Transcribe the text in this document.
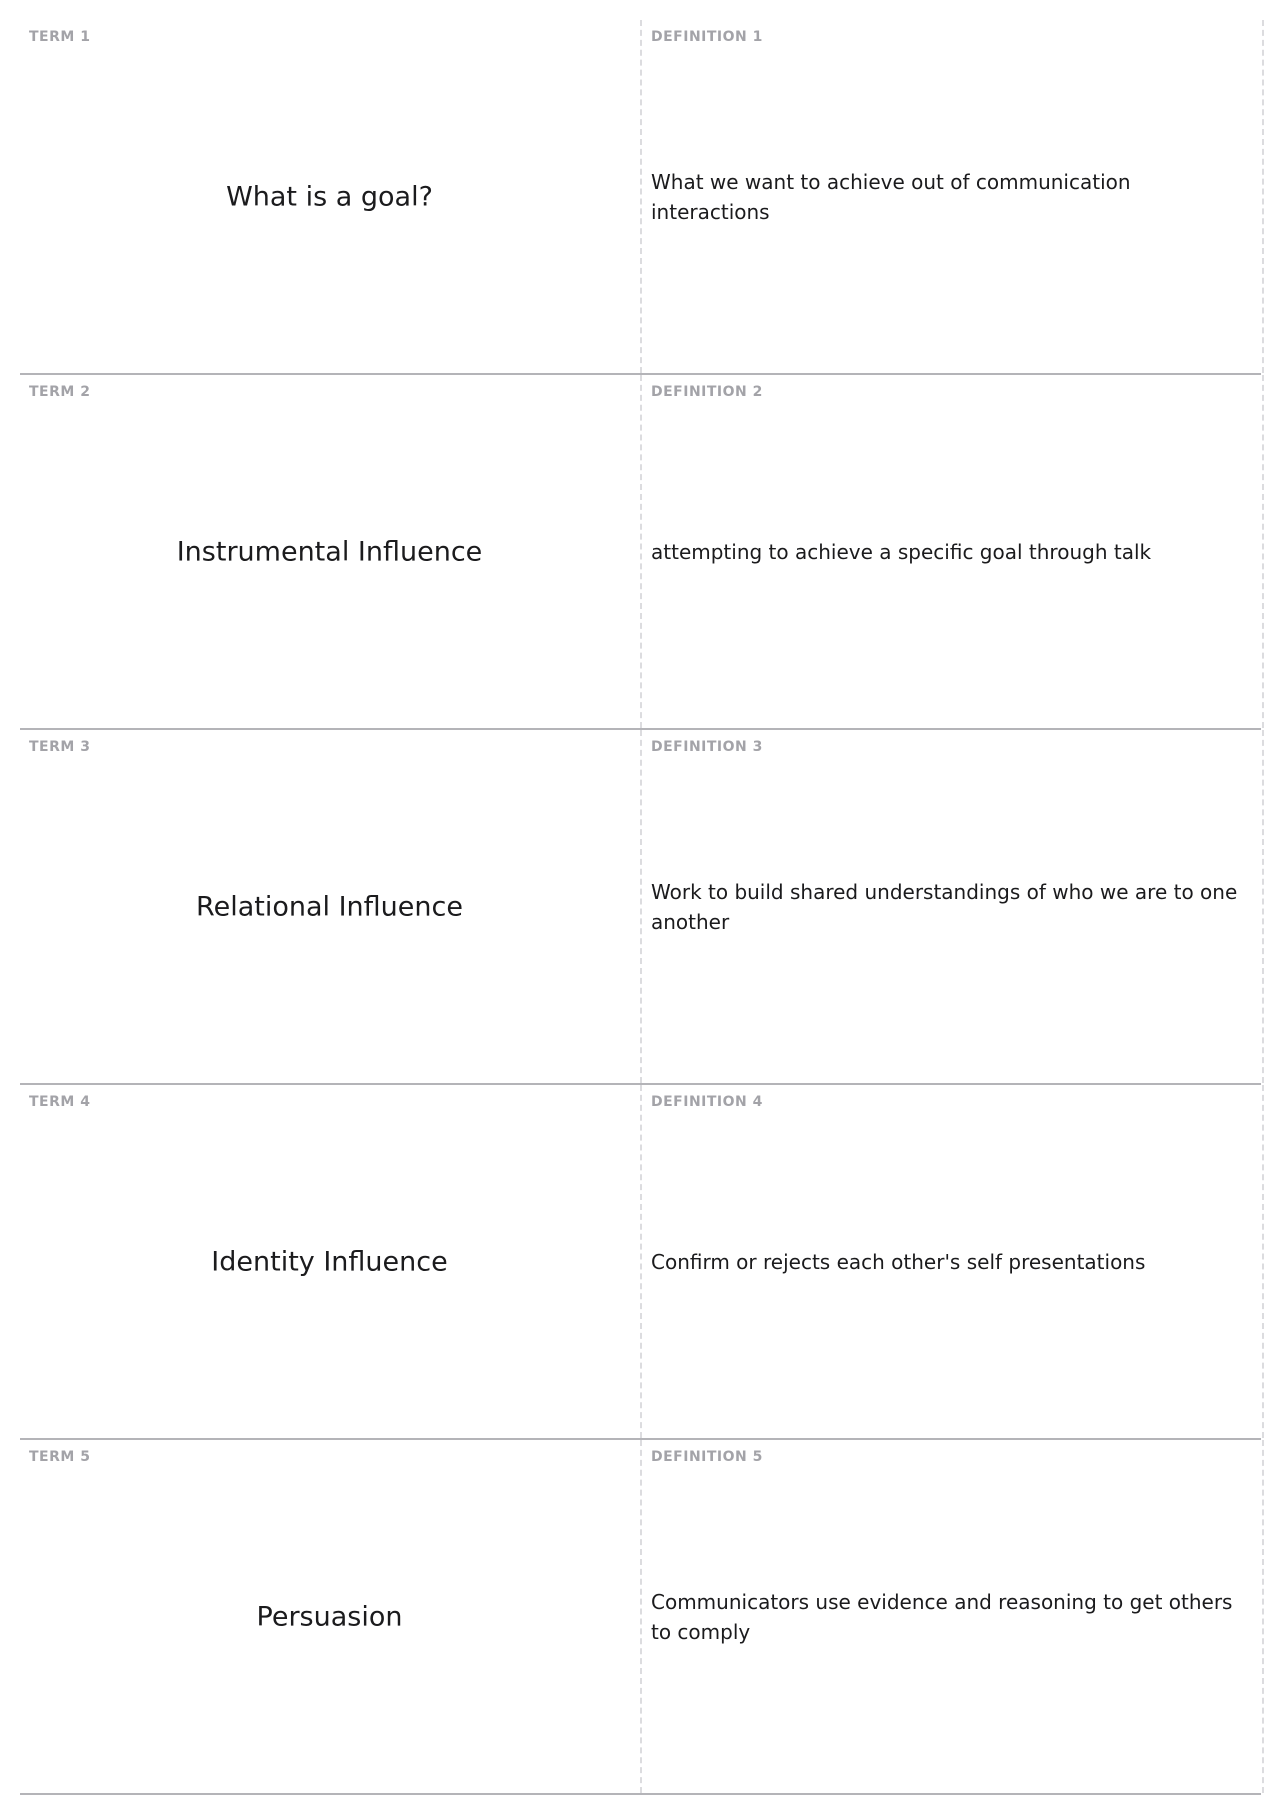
TERM 1
What is a goal?
DEFINITION 1
What we want to achieve out of communication interactions
TERM 2
Instrumental Influence
DEFINITION 2
attempting to achieve a specific goal through talk
TERM 3
Relational Influence
DEFINITION 3
Work to build shared understandings of who we are to one another
TERM 4
Identity Influence
DEFINITION 4
Confirm or rejects each other's self presentations
TERM 5
Persuasion
DEFINITION 5
Communicators use evidence and reasoning to get others to comply
